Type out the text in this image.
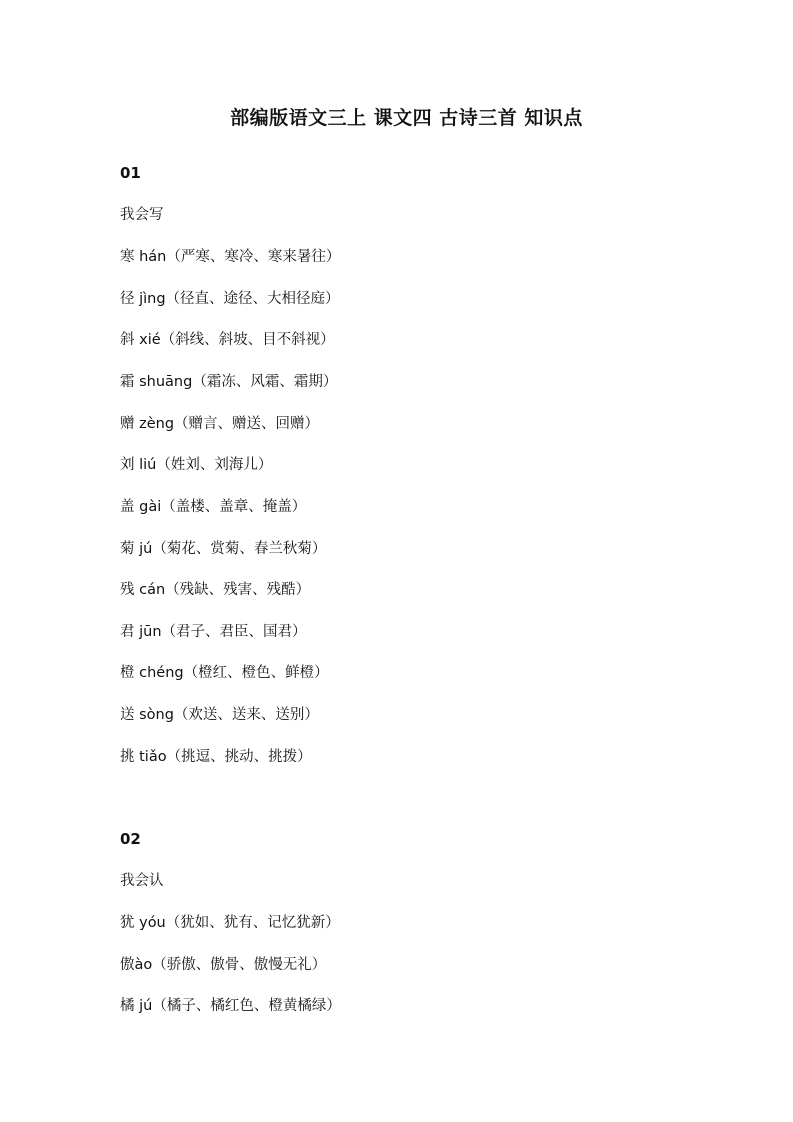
部编版语文三上 课文四 古诗三首 知识点
01
我会写
寒 hán（严寒、寒冷、寒来暑往）
径 jìng（径直、途径、大相径庭）
斜 xié（斜线、斜坡、目不斜视）
霜 shuāng（霜冻、风霜、霜期）
赠 zèng（赠言、赠送、回赠）
刘 liú（姓刘、刘海儿）
盖 gài（盖楼、盖章、掩盖）
菊 jú（菊花、赏菊、春兰秋菊）
残 cán（残缺、残害、残酷）
君 jūn（君子、君臣、国君）
橙 chéng（橙红、橙色、鲜橙）
送 sòng（欢送、送来、送别）
挑 tiǎo（挑逗、挑动、挑拨）
02
我会认
犹 yóu（犹如、犹有、记忆犹新）
傲ào（骄傲、傲骨、傲慢无礼）
橘 jú（橘子、橘红色、橙黄橘绿）
